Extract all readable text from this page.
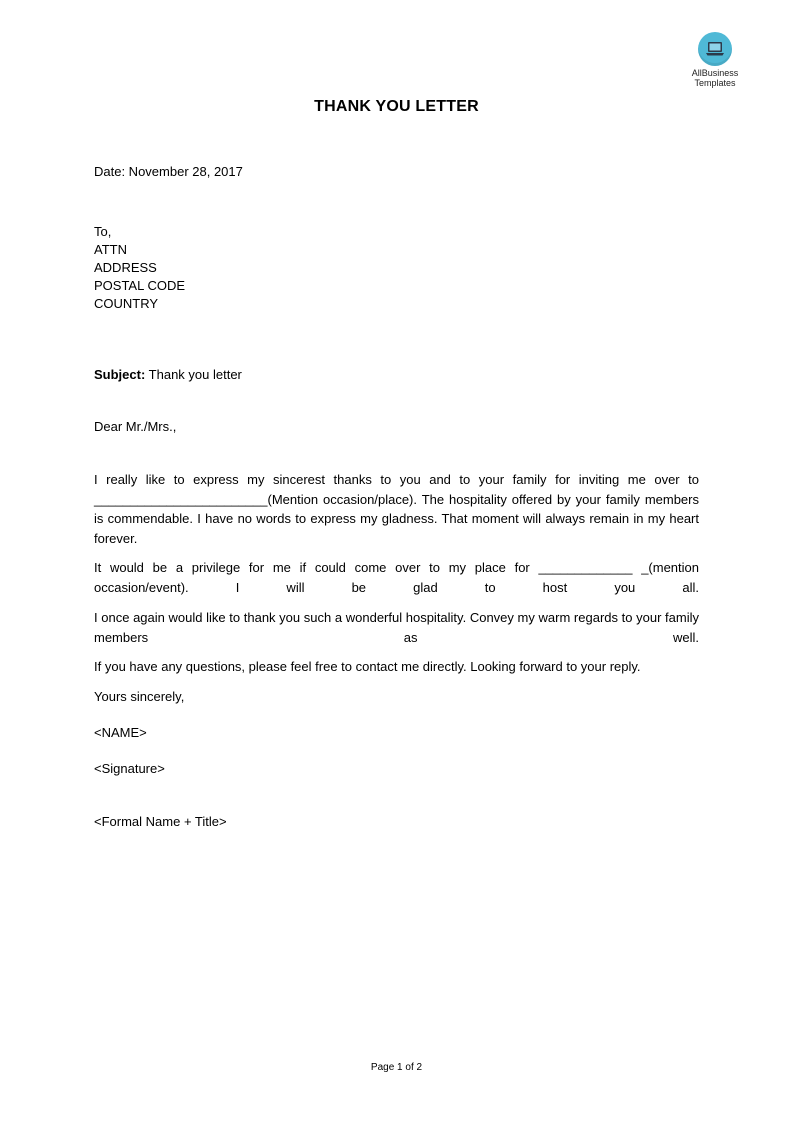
AllBusiness
Templates
THANK YOU LETTER
Date: November 28, 2017
To,
ATTN
ADDRESS
POSTAL CODE
COUNTRY
Subject: Thank you letter
Dear Mr./Mrs.,
I really like to express my sincerest thanks to you and to your family for inviting me over to ________________________(Mention occasion/place). The hospitality offered by your family members is commendable. I have no words to express my gladness. That moment will always remain in my heart forever.
It would be a privilege for me if could come over to my place for _____________ _(mention occasion/event). I will be glad to host you all.
I once again would like to thank you such a wonderful hospitality. Convey my warm regards to your family members as well.
If you have any questions, please feel free to contact me directly. Looking forward to your reply.
Yours sincerely,
<NAME>
<Signature>
<Formal Name + Title>
Page 1 of 2
